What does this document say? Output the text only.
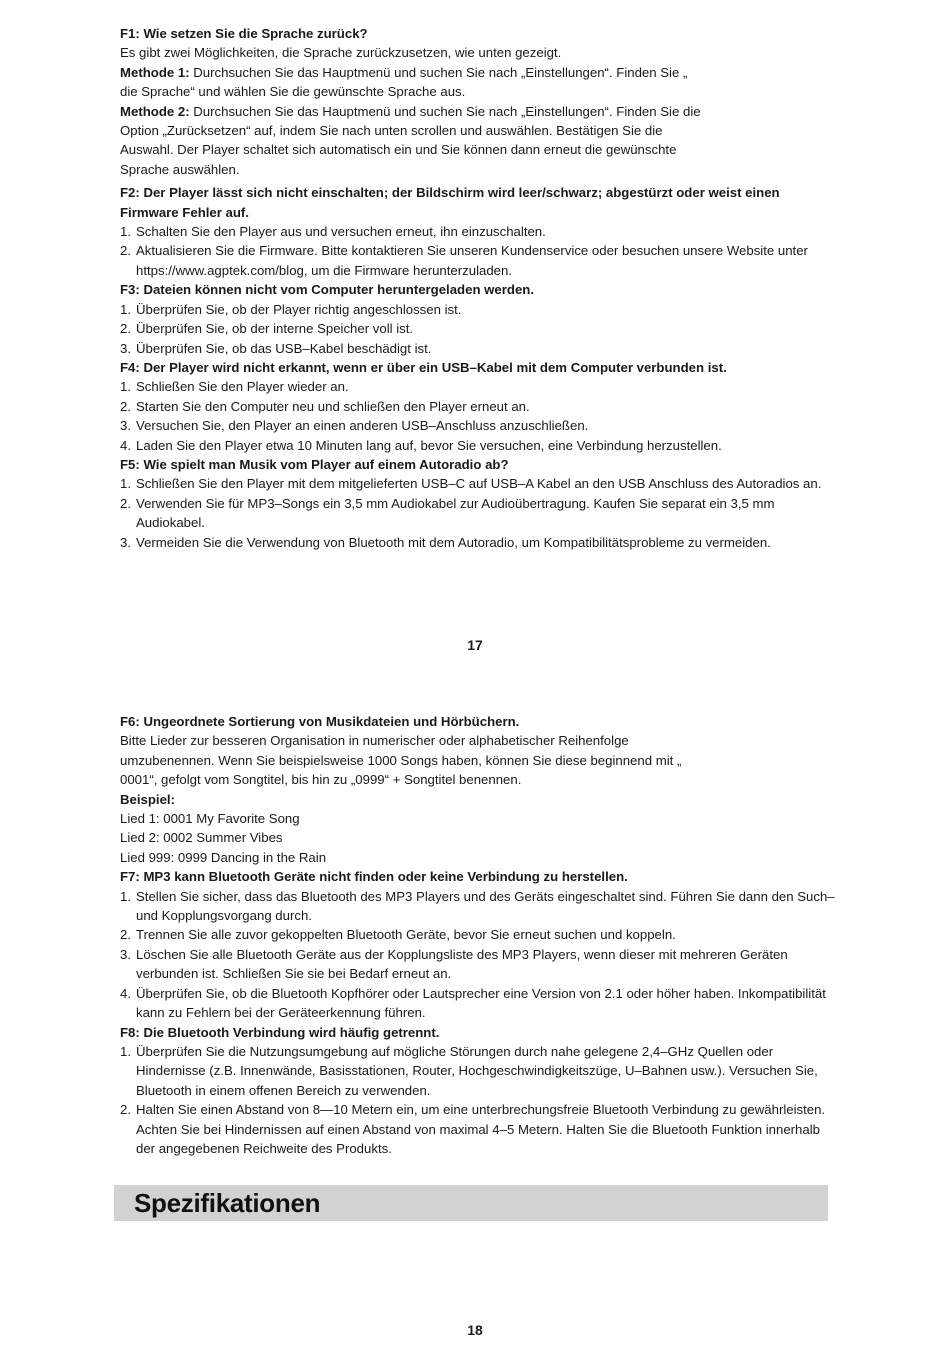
F1: Wie setzen Sie die Sprache zurück?
Es gibt zwei Möglichkeiten, die Sprache zurückzusetzen, wie unten gezeigt.
Methode 1: Durchsuchen Sie das Hauptmenü und suchen Sie nach „Einstellungen“. Finden Sie „
die Sprache“ und wählen Sie die gewünschte Sprache aus.
Methode 2: Durchsuchen Sie das Hauptmenü und suchen Sie nach „Einstellungen“. Finden Sie die
Option „Zurücksetzen“ auf, indem Sie nach unten scrollen und auswählen. Bestätigen Sie die
Auswahl. Der Player schaltet sich automatisch ein und Sie können dann erneut die gewünschte
Sprache auswählen.
F2: Der Player lässt sich nicht einschalten; der Bildschirm wird leer/schwarz; abgestürzt oder weist einen Firmware Fehler auf.
1. Schalten Sie den Player aus und versuchen erneut, ihn einzuschalten.
2. Aktualisieren Sie die Firmware. Bitte kontaktieren Sie unseren Kundenservice oder besuchen unsere Website unter https://www.agptek.com/blog, um die Firmware herunterzuladen.
F3: Dateien können nicht vom Computer heruntergeladen werden.
1. Überprüfen Sie, ob der Player richtig angeschlossen ist.
2. Überprüfen Sie, ob der interne Speicher voll ist.
3. Überprüfen Sie, ob das USB–Kabel beschädigt ist.
F4: Der Player wird nicht erkannt, wenn er über ein USB–Kabel mit dem Computer verbunden ist.
1. Schließen Sie den Player wieder an.
2. Starten Sie den Computer neu und schließen den Player erneut an.
3. Versuchen Sie, den Player an einen anderen USB–Anschluss anzuschließen.
4. Laden Sie den Player etwa 10 Minuten lang auf, bevor Sie versuchen, eine Verbindung herzustellen.
F5: Wie spielt man Musik vom Player auf einem Autoradio ab?
1. Schließen Sie den Player mit dem mitgelieferten USB–C auf USB–A Kabel an den USB Anschluss des Autoradios an.
2. Verwenden Sie für MP3–Songs ein 3,5 mm Audiokabel zur Audioübertragung. Kaufen Sie separat ein 3,5 mm Audiokabel.
3. Vermeiden Sie die Verwendung von Bluetooth mit dem Autoradio, um Kompatibilitätsprobleme zu vermeiden.
17
F6: Ungeordnete Sortierung von Musikdateien und Hörbüchern.
Bitte Lieder zur besseren Organisation in numerischer oder alphabetischer Reihenfolge
umzubenennen. Wenn Sie beispielsweise 1000 Songs haben, können Sie diese beginnend mit „
0001“, gefolgt vom Songtitel, bis hin zu „0999“ + Songtitel benennen.
Beispiel:
Lied 1: 0001 My Favorite Song
Lied 2: 0002 Summer Vibes
Lied 999: 0999 Dancing in the Rain
F7: MP3 kann Bluetooth Geräte nicht finden oder keine Verbindung zu herstellen.
1. Stellen Sie sicher, dass das Bluetooth des MP3 Players und des Geräts eingeschaltet sind. Führen Sie dann den Such– und Kopplungsvorgang durch.
2. Trennen Sie alle zuvor gekoppelten Bluetooth Geräte, bevor Sie erneut suchen und koppeln.
3. Löschen Sie alle Bluetooth Geräte aus der Kopplungsliste des MP3 Players, wenn dieser mit mehreren Geräten verbunden ist. Schließen Sie sie bei Bedarf erneut an.
4. Überprüfen Sie, ob die Bluetooth Kopfhörer oder Lautsprecher eine Version von 2.1 oder höher haben. Inkompatibilität kann zu Fehlern bei der Geräteerkennung führen.
F8: Die Bluetooth Verbindung wird häufig getrennt.
1. Überprüfen Sie die Nutzungsumgebung auf mögliche Störungen durch nahe gelegene 2,4–GHz Quellen oder Hindernisse (z.B. Innenwände, Basisstationen, Router, Hochgeschwindigkeitszüge, U–Bahnen usw.). Versuchen Sie, Bluetooth in einem offenen Bereich zu verwenden.
2. Halten Sie einen Abstand von 8—10 Metern ein, um eine unterbrechungsfreie Bluetooth Verbindung zu gewährleisten. Achten Sie bei Hindernissen auf einen Abstand von maximal 4–5 Metern. Halten Sie die Bluetooth Funktion innerhalb der angegebenen Reichweite des Produkts.
Spezifikationen
18
